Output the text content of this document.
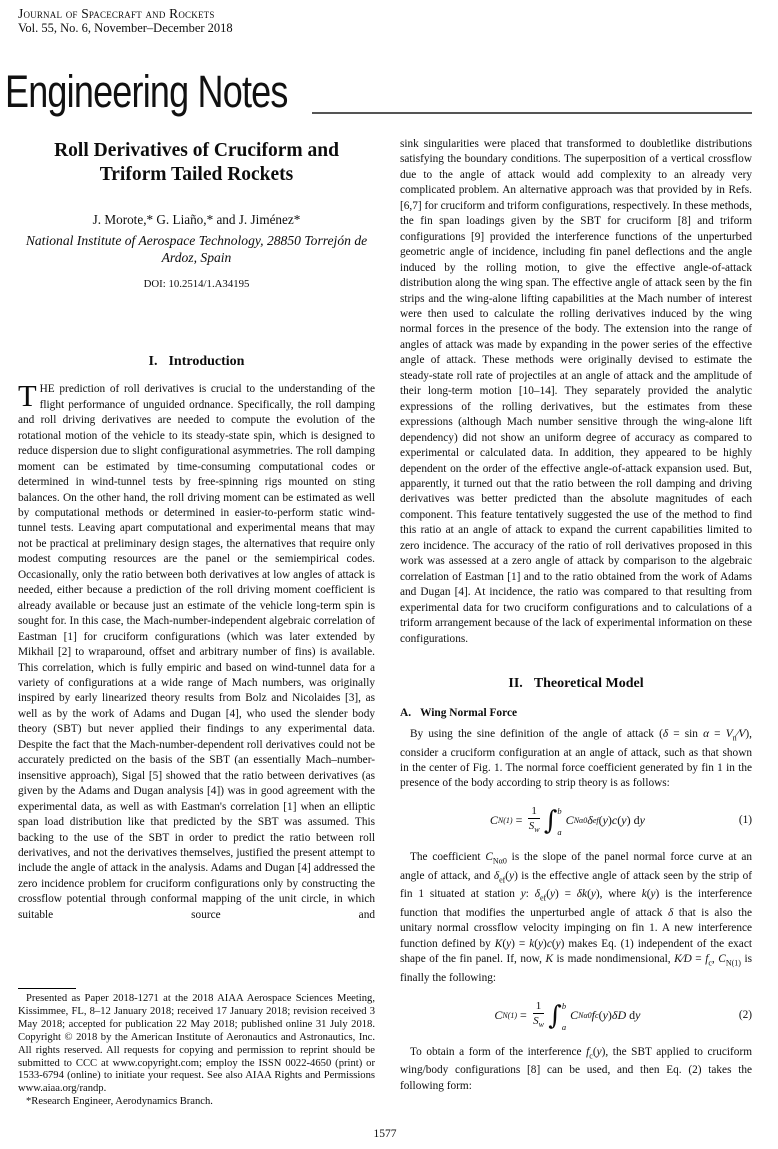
Journal of Spacecraft and Rockets
Vol. 55, No. 6, November–December 2018
Engineering Notes
Roll Derivatives of Cruciform and Triform Tailed Rockets
J. Morote,* G. Liaño,* and J. Jiménez*
National Institute of Aerospace Technology, 28850 Torrejón de Ardoz, Spain
DOI: 10.2514/1.A34195
I. Introduction

THE prediction of roll derivatives is crucial to the understanding of the flight performance of unguided ordnance. Specifically, the roll damping and roll driving derivatives are needed to compute the evolution of the rotational motion of the vehicle to its steady-state spin, which is designed to reduce dispersion due to slight configurational asymmetries. The roll damping moment can be estimated by time-consuming computational codes or determined in wind-tunnel tests by free-spinning rigs mounted on sting balances. On the other hand, the roll driving moment can be estimated as well by computational methods or determined in easier-to-perform static wind-tunnel tests. Leaving apart computational and experimental means that may not be practical at preliminary design stages, the alternatives that require only modest computing resources are the panel or the semiempirical codes. Occasionally, only the ratio between both derivatives at low angles of attack is needed, either because a prediction of the roll driving moment coefficient is already available or because just an estimate of the vehicle long-term spin is sought for. In this case, the Mach-number-independent algebraic correlation of Eastman [1] for cruciform configurations (which was later extended by Mikhail [2] to wraparound, offset and arbitrary number of fins) is available. This correlation, which is fully empiric and based on wind-tunnel data for a variety of configurations at a wide range of Mach numbers, was originally inspired by early linearized theory results from Bolz and Nicolaides [3], as well as by the work of Adams and Dugan [4], who used the slender body theory (SBT) but never applied their findings to any experimental data. Despite the fact that the Mach-number-dependent roll derivatives could not be accurately predicted on the basis of the SBT (an essentially Mach–number-insensitive approach), Sigal [5] showed that the ratio between derivatives (as given by the Adams and Dugan analysis [4]) was in good agreement with the experimental data, as well as with Eastman's correlation [1] when an elliptic span load distribution like that predicted by the SBT was assumed. This backing to the use of the SBT in order to predict the ratio between roll derivatives, and not the derivatives themselves, justified the present attempt to include the angle of attack in the analysis. Adams and Dugan [4] addressed the zero incidence problem for cruciform configurations only by constructing the crossflow potential through conformal mapping of the unit circle, in which suitable source and

Presented as Paper 2018-1271 at the 2018 AIAA Aerospace Sciences Meeting, Kissimmee, FL, 8–12 January 2018; received 17 January 2018; revision received 3 May 2018; accepted for publication 22 May 2018; published online 31 July 2018. Copyright © 2018 by the American Institute of Aeronautics and Astronautics, Inc. All rights reserved. All requests for copying and permission to reprint should be submitted to CCC at www.copyright.com; employ the ISSN 0022-4650 (print) or 1533-6794 (online) to initiate your request. See also AIAA Rights and Permissions www.aiaa.org/randp.

*Research Engineer, Aerodynamics Branch.

sink singularities were placed that transformed to doubletlike distributions satisfying the boundary conditions. The superposition of a vertical crossflow due to the angle of attack would add complexity to an already very complicated problem. An alternative approach was that provided by in Refs. [6,7] for cruciform and triform configurations, respectively. In these methods, the fin span loadings given by the SBT for cruciform [8] and triform configurations [9] provided the interference functions of the unperturbed geometric angle of incidence, including fin panel deflections and the angle induced by the rolling motion, to give the effective angle-of-attack distribution along the wing span. The effective angle of attack seen by the fin strips and the wing-alone lifting capabilities at the Mach number of interest were then used to calculate the rolling derivatives induced by the wing normal forces in the presence of the body. The extension into the range of angles of attack was made by expanding in the power series of the effective angle of attack. These methods were originally devised to estimate the steady-state roll rate of projectiles at an angle of attack and the amplitude of their long-term motion [10–14]. They separately provided the analytic expressions of the rolling derivatives, but the estimates from these expressions (although Mach number sensitive through the wing-alone lift dependency) did not show an uniform degree of accuracy as compared to experimental or calculated data. In addition, they appeared to be highly dependent on the order of the effective angle-of-attack expansion used. But, apparently, it turned out that the ratio between the roll damping and driving derivatives was better predicted than the absolute magnitudes of each component. This feature tentatively suggested the use of the method to find this ratio at an angle of attack to expand the current capabilities limited to zero incidence. The accuracy of the ratio of roll derivatives proposed in this work was assessed at a zero angle of attack by comparison to the algebraic correlation of Eastman [1] and to the ratio obtained from the work of Adams and Dugan [4]. At incidence, the ratio was compared to that resulting from experimental data for two cruciform configurations and to calculations of a triform arrangement because of the lack of experimental information on these configurations.

II. Theoretical Model
A. Wing Normal Force

By using the sine definition of the angle of attack $(\delta = \sin \alpha = V_n∕V)$, consider a cruciform configuration at an angle of attack, such as that shown in the center of Fig. 1. The normal force coefficient generated by fin 1 in the presence of the body according to strip theory is as follows:

C $N(1) = \frac{1}{S_w}$ ∫ b
a
C Nα0 δ ef ( y ) c ( y ) d y	(1)

The coefficient $C_{N\alpha 0}$ is the slope of the panel normal force curve at an angle of attack, and $\delta_{ef}(y)$ is the effective angle of attack seen by the strip of fin 1 situated at station y: $\delta_{ef}(y) = \delta k(y)$, where k(y) is the interference function that modifies the unperturbed angle of attack δ that is also the unitary normal crossflow velocity impinging on fin 1. A new interference function defined by K(y) = k(y)c(y) makes Eq. (1) independent of the exact shape of the fin panel. If, now, K is made nondimensional, K∕D = $f_c$, $C_{N(1)}$ is finally the following:

C $N(1) = \frac{1}{S_w}$ ∫ b
a
C Nα0 f c ( y ) δD d y	(2)

To obtain a form of the interference $f_c(y)$, the SBT applied to cruciform wing/body configurations [8] can be used, and then Eq. (2) takes the following form:

1577
